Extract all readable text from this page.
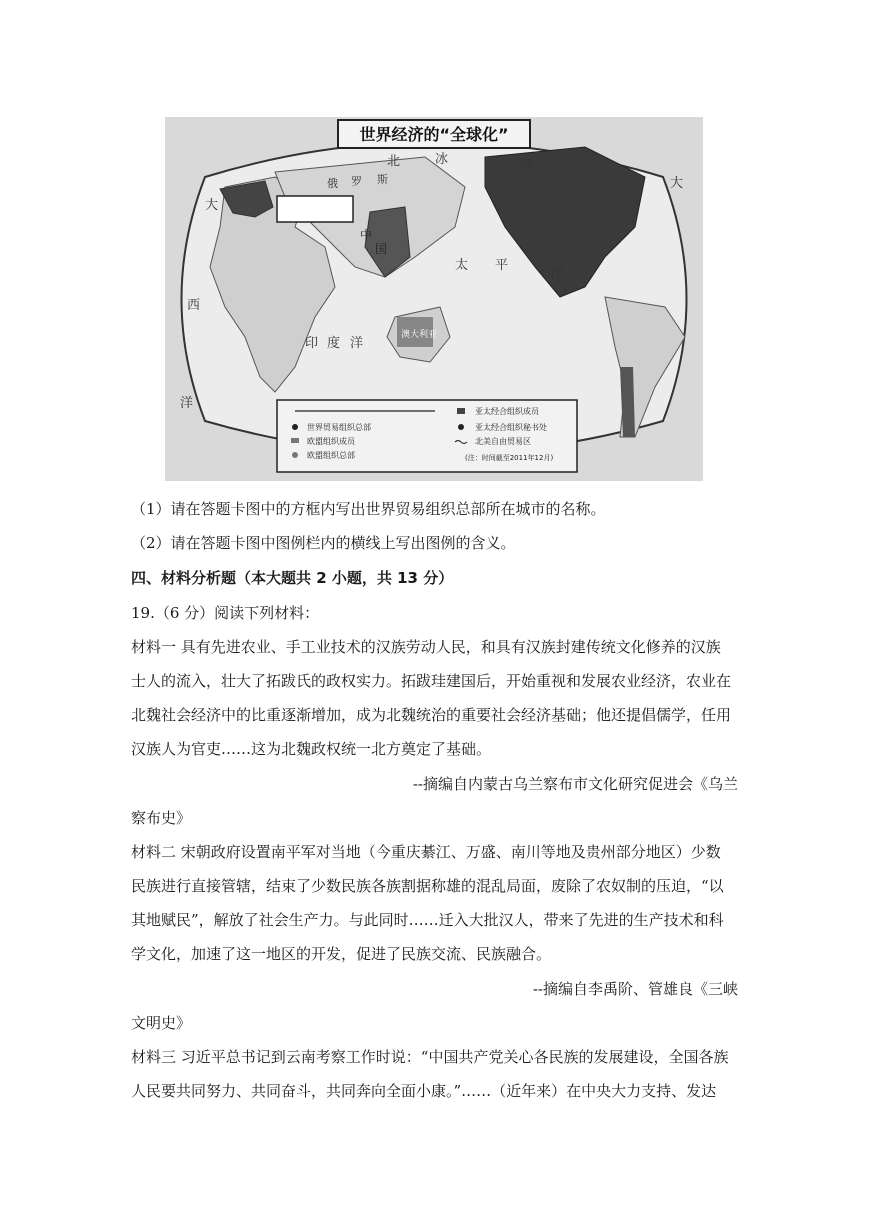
世界经济的“全球化”
北	冰	洋
俄 罗 斯
大
中
国
太 平
洋
大
西
印 度 洋
澳大利亚
洋
世界贸易组织总部
欧盟组织成员
欧盟组织总部
亚太经合组织成员
亚太经合组织秘书处
北美自由贸易区
(注：时间截至2011年12月)
（1）请在答题卡图中的方框内写出世界贸易组织总部所在城市的名称。
（2）请在答题卡图中图例栏内的横线上写出图例的含义。
四、材料分析题（本大题共 2 小题，共 13 分）
19.（6 分）阅读下列材料：
材料一 具有先进农业、手工业技术的汉族劳动人民，和具有汉族封建传统文化修养的汉族
士人的流入，壮大了拓跋氏的政权实力。拓跋珪建国后，开始重视和发展农业经济，农业在
北魏社会经济中的比重逐渐增加，成为北魏统治的重要社会经济基础；他还提倡儒学，任用
汉族人为官吏……这为北魏政权统一北方奠定了基础。
--摘编自内蒙古乌兰察布市文化研究促进会《乌兰
察布史》
材料二 宋朝政府设置南平军对当地（今重庆綦江、万盛、南川等地及贵州部分地区）少数
民族进行直接管辖，结束了少数民族各族割据称雄的混乱局面，废除了农奴制的压迫，“以
其地赋民”，解放了社会生产力。与此同时……迁入大批汉人，带来了先进的生产技术和科
学文化，加速了这一地区的开发，促进了民族交流、民族融合。
--摘编自李禹阶、管雄良《三峡
文明史》
材料三 习近平总书记到云南考察工作时说：“中国共产党关心各民族的发展建设，全国各族
人民要共同努力、共同奋斗，共同奔向全面小康。”……（近年来）在中央大力支持、发达
